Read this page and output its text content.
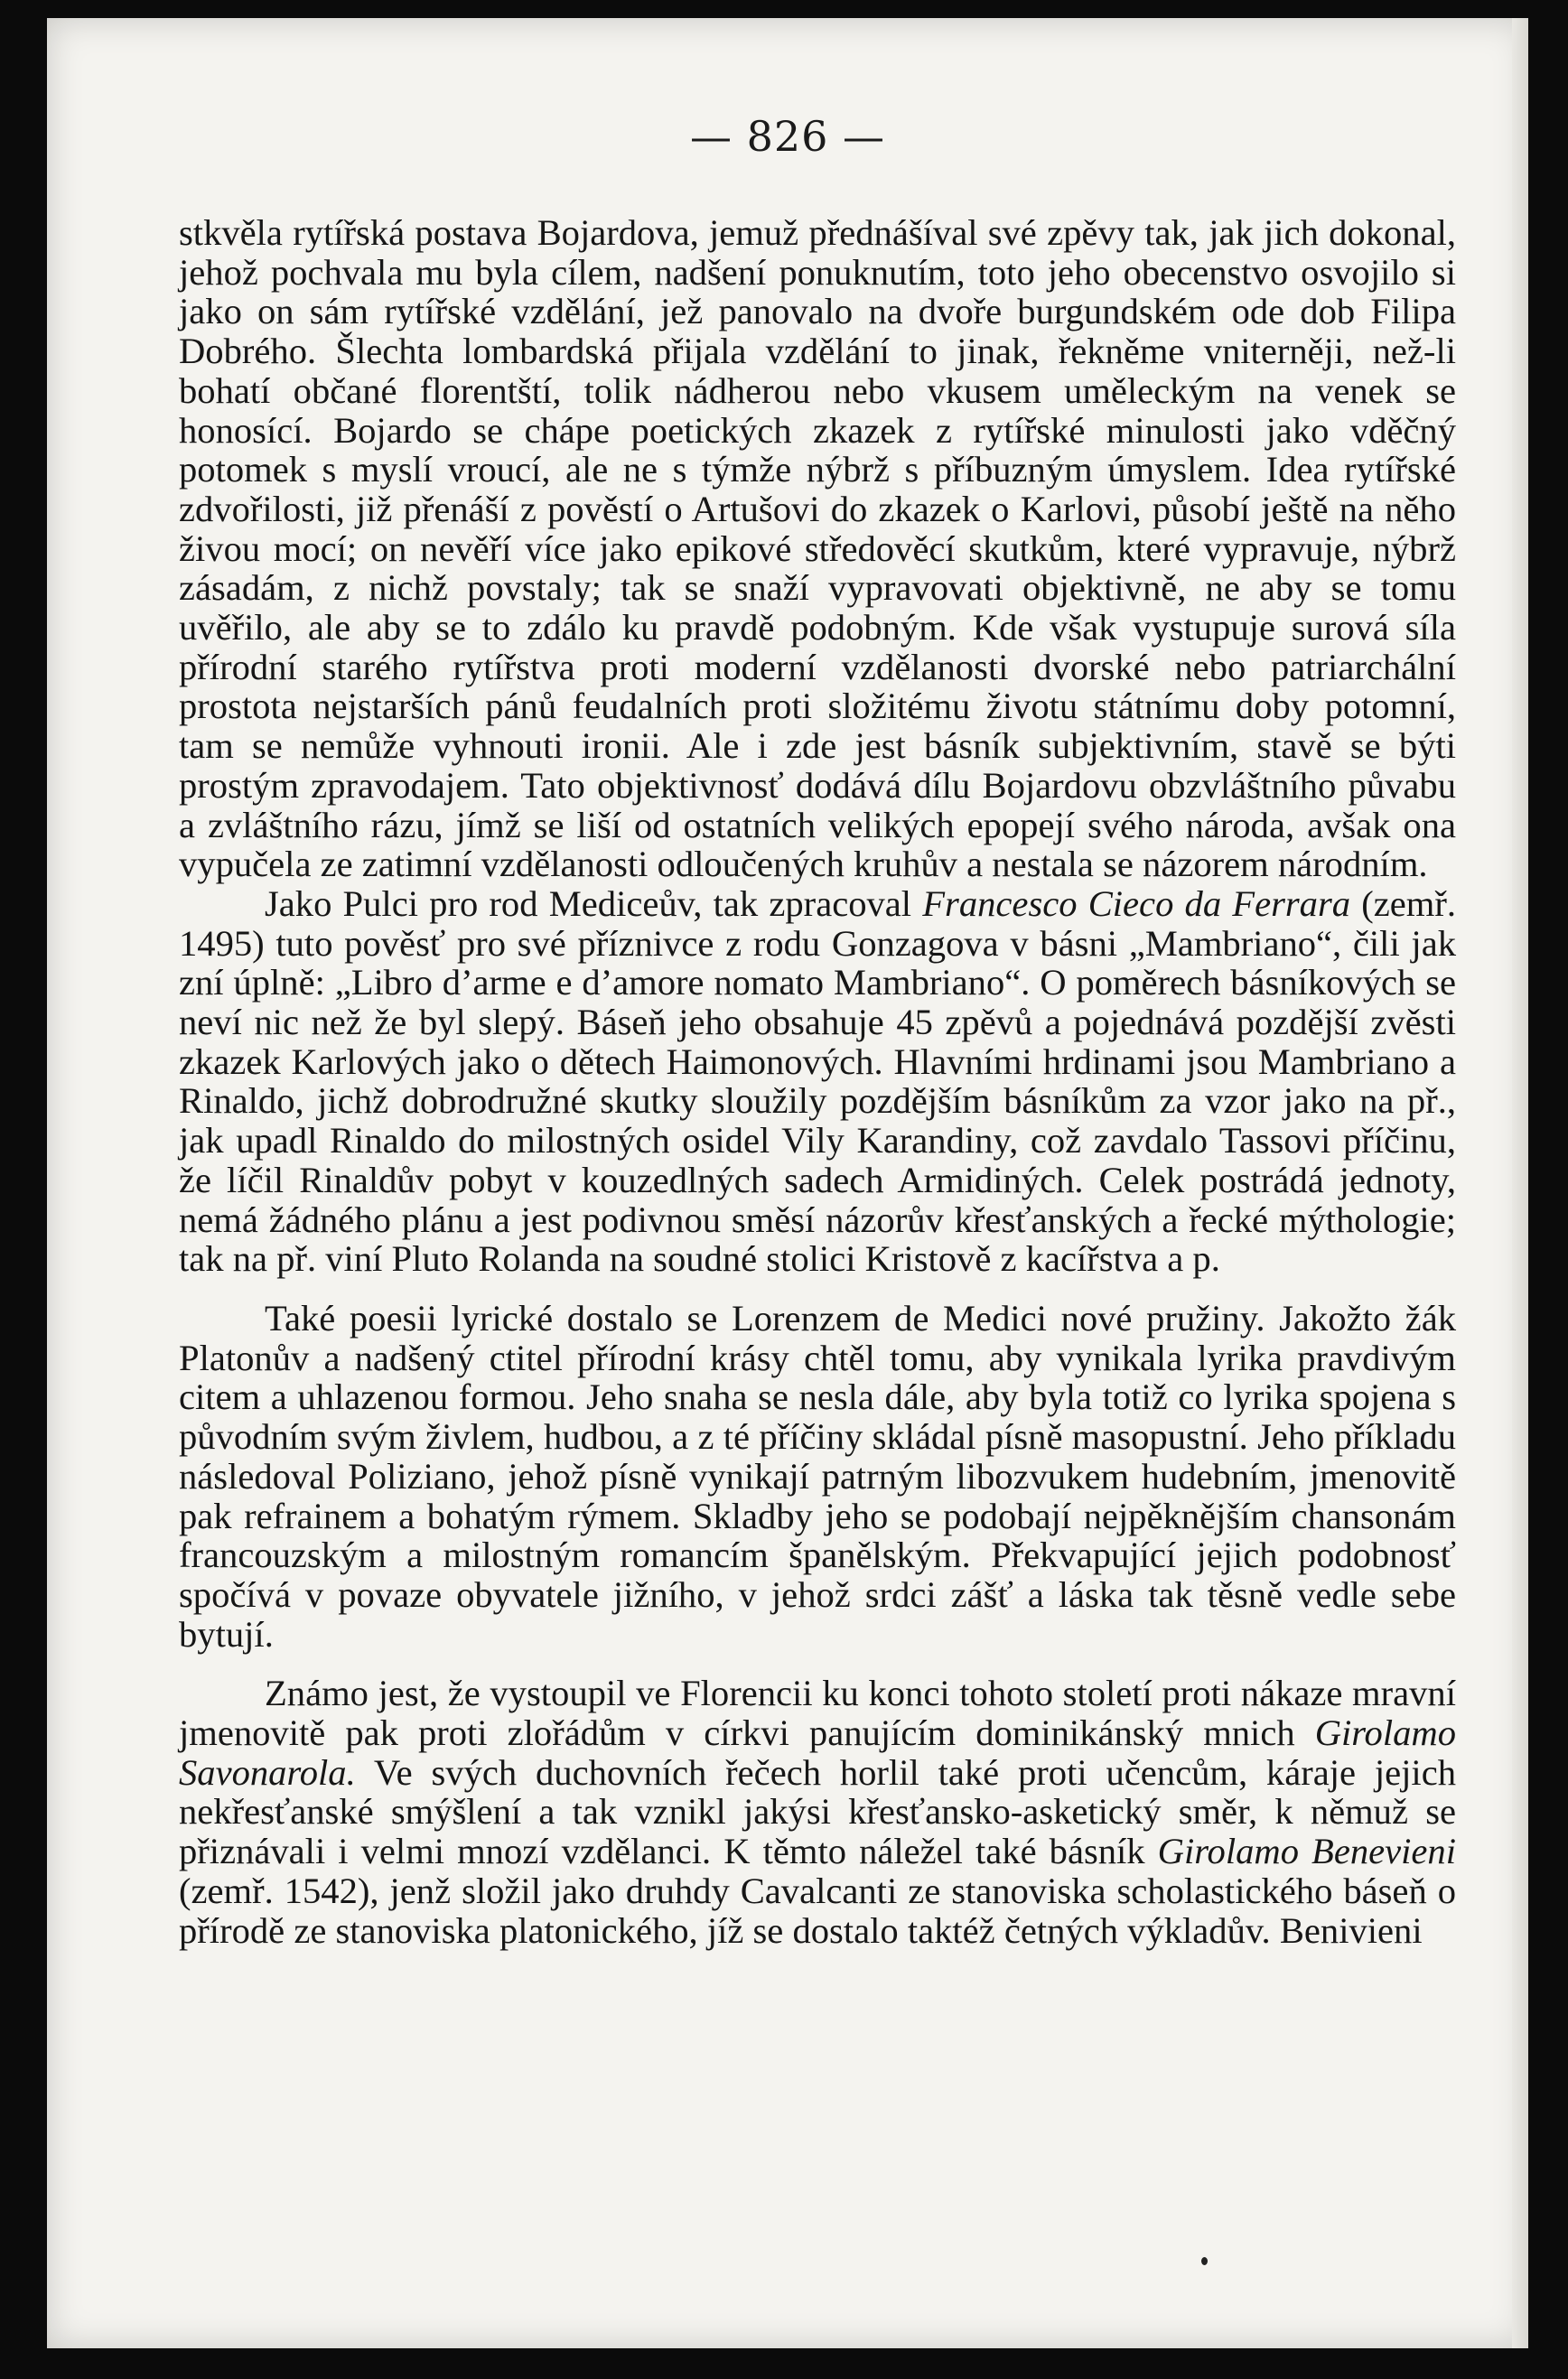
— 826 —

stkvěla rytířská postava Bojardova, jemuž přednášíval své zpěvy tak, jak jich dokonal, jehož pochvala mu byla cílem, nadšení ponuknutím, toto jeho obecenstvo osvojilo si jako on sám rytířské vzdělání, jež panovalo na dvoře burgundském ode dob Filipa Dobrého. Šlechta lombardská přijala vzdělání to jinak, řekněme vniterněji, než-li bohatí občané florentští, tolik nádherou nebo vkusem uměleckým na venek se honosící. Bojardo se chápe poetických zkazek z rytířské minulosti jako vděčný potomek s myslí vroucí, ale ne s týmže nýbrž s příbuzným úmyslem. Idea rytířské zdvořilosti, již přenáší z pověstí o Artušovi do zkazek o Karlovi, působí ještě na něho živou mocí; on nevěří více jako epikové středověcí skutkům, které vypravuje, nýbrž zásadám, z nichž povstaly; tak se snaží vypravovati objektivně, ne aby se tomu uvěřilo, ale aby se to zdálo ku pravdě podobným. Kde však vystupuje surová síla přírodní starého rytířstva proti moderní vzdělanosti dvorské nebo patriarchální prostota nejstarších pánů feudalních proti složitému životu státnímu doby potomní, tam se nemůže vyhnouti ironii. Ale i zde jest básník subjektivním, stavě se býti prostým zpravodajem. Tato objektivnosť dodává dílu Bojardovu obzvláštního půvabu a zvláštního rázu, jímž se liší od ostatních velikých epopejí svého národa, avšak ona vypučela ze zatimní vzdělanosti odloučených kruhův a nestala se názorem národním.

Jako Pulci pro rod Mediceův, tak zpracoval Francesco Cieco da Ferrara (zemř. 1495) tuto pověsť pro své příznivce z rodu Gonzagova v básni „Mambriano“, čili jak zní úplně: „Libro d’arme e d’amore nomato Mambriano“. O poměrech básníkových se neví nic než že byl slepý. Báseň jeho obsahuje 45 zpěvů a pojednává pozdější zvěsti zkazek Karlových jako o dětech Haimonových. Hlavními hrdinami jsou Mambriano a Rinaldo, jichž dobrodružné skutky sloužily pozdějším básníkům za vzor jako na př., jak upadl Rinaldo do milostných osidel Vily Karandiny, což zavdalo Tassovi příčinu, že líčil Rinaldův pobyt v kouzedlných sadech Armidiných. Celek postrádá jednoty, nemá žádného plánu a jest podivnou směsí názorův křesťanských a řecké mýthologie; tak na př. viní Pluto Rolanda na soudné stolici Kristově z kacířstva a p.

Také poesii lyrické dostalo se Lorenzem de Medici nové pružiny. Jakožto žák Platonův a nadšený ctitel přírodní krásy chtěl tomu, aby vynikala lyrika pravdivým citem a uhlazenou formou. Jeho snaha se nesla dále, aby byla totiž co lyrika spojena s původním svým živlem, hudbou, a z té příčiny skládal písně masopustní. Jeho příkladu následoval Poliziano, jehož písně vynikají patrným libozvukem hudebním, jmenovitě pak refrainem a bohatým rýmem. Skladby jeho se podobají nejpěknějším chansonám francouzským a milostným romancím španělským. Překvapující jejich podobnosť spočívá v povaze obyvatele jižního, v jehož srdci zášť a láska tak těsně vedle sebe bytují.

Známo jest, že vystoupil ve Florencii ku konci tohoto století proti nákaze mravní jmenovitě pak proti zlořádům v církvi panujícím dominikánský mnich Girolamo Savonarola. Ve svých duchovních řečech horlil také proti učencům, káraje jejich nekřesťanské smýšlení a tak vznikl jakýsi křesťansko-asketický směr, k němuž se přiznávali i velmi mnozí vzdělanci. K těmto náležel také básník Girolamo Benevieni (zemř. 1542), jenž složil jako druhdy Cavalcanti ze stanoviska scholastického báseň o přírodě ze stanoviska platonického, jíž se dostalo taktéž četných výkladův. Benivieni
